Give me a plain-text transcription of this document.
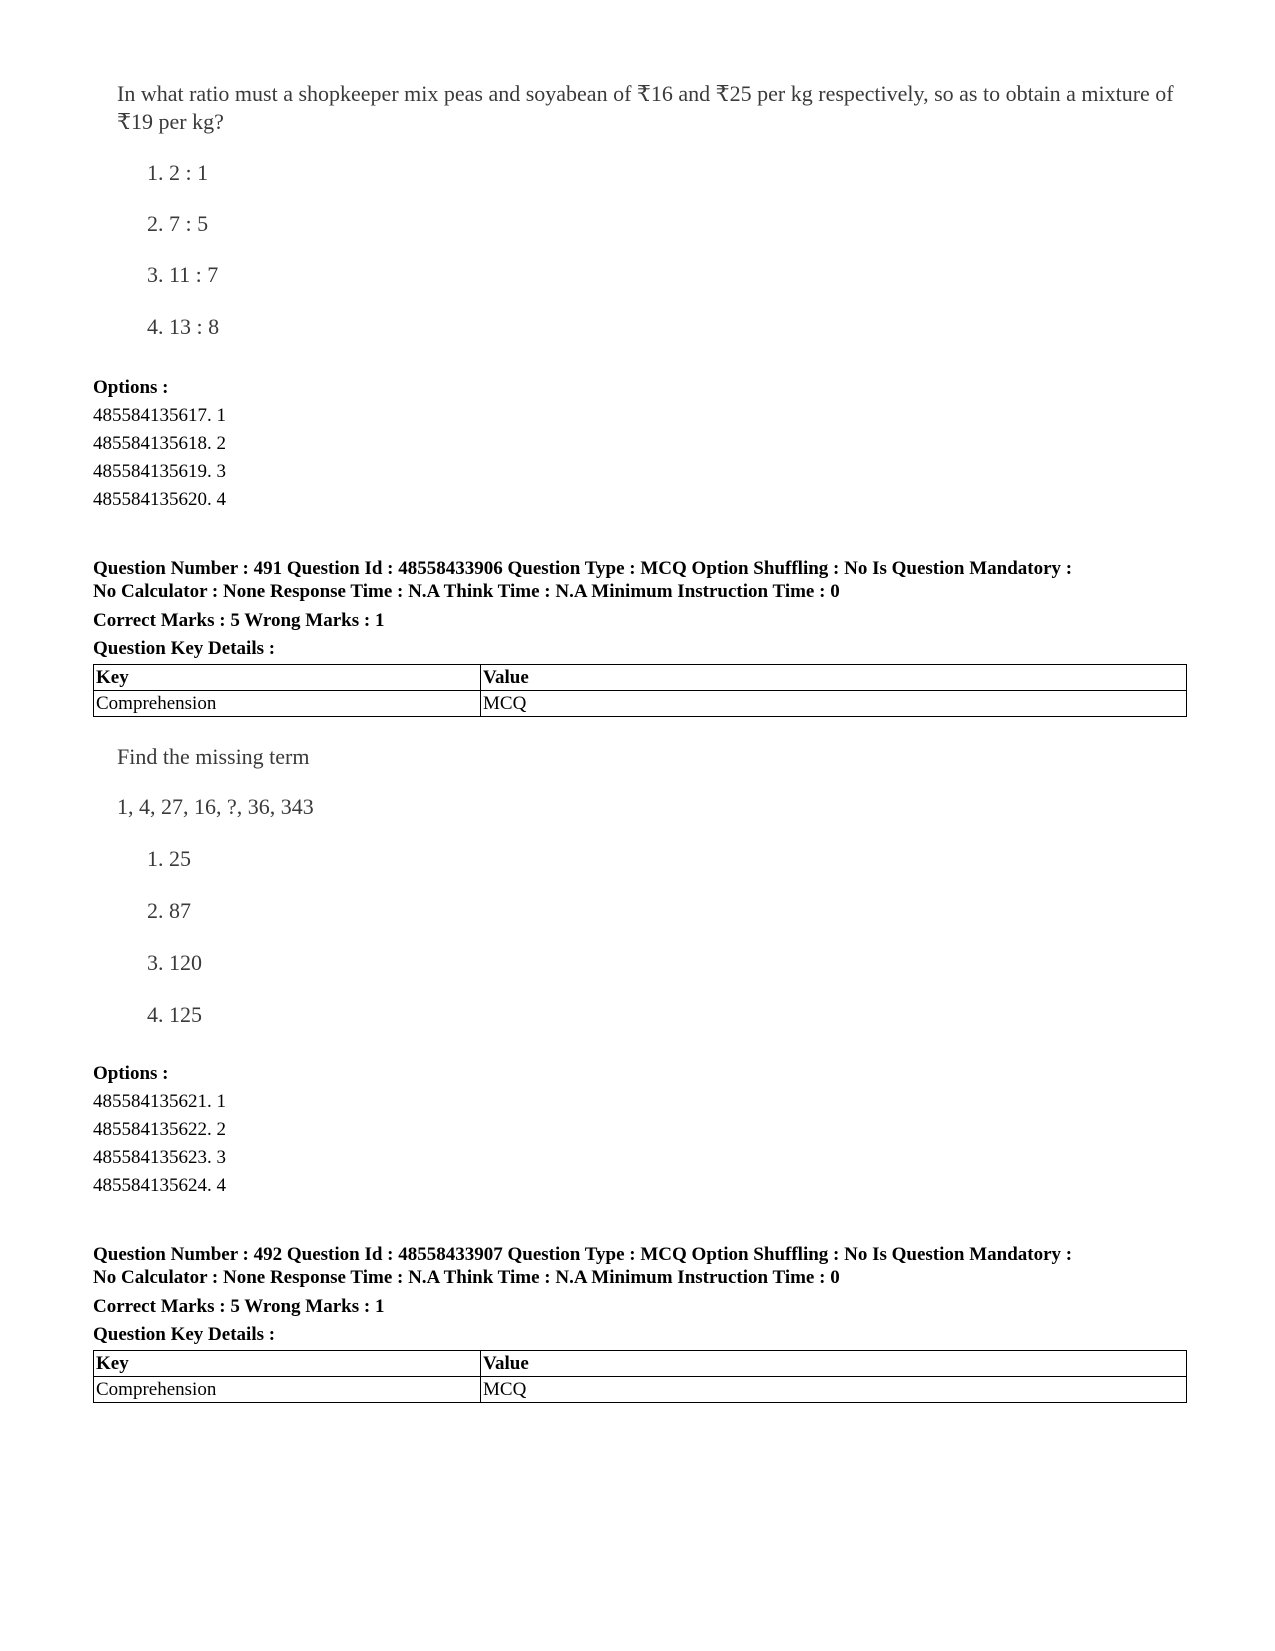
In what ratio must a shopkeeper mix peas and soyabean of ₹16 and ₹25 per kg respectively, so as to obtain a mixture of ₹19 per kg?
1. 2 : 1
2. 7 : 5
3. 11 : 7
4. 13 : 8
Options :
485584135617. 1
485584135618. 2
485584135619. 3
485584135620. 4
Question Number : 491 Question Id : 48558433906 Question Type : MCQ Option Shuffling : No Is Question Mandatory :
No Calculator : None Response Time : N.A Think Time : N.A Minimum Instruction Time : 0
Correct Marks : 5 Wrong Marks : 1
Question Key Details :
Key	Value
Comprehension	MCQ
Find the missing term
1, 4, 27, 16, ?, 36, 343
1. 25
2. 87
3. 120
4. 125
Options :
485584135621. 1
485584135622. 2
485584135623. 3
485584135624. 4
Question Number : 492 Question Id : 48558433907 Question Type : MCQ Option Shuffling : No Is Question Mandatory :
No Calculator : None Response Time : N.A Think Time : N.A Minimum Instruction Time : 0
Correct Marks : 5 Wrong Marks : 1
Question Key Details :
Key	Value
Comprehension	MCQ
